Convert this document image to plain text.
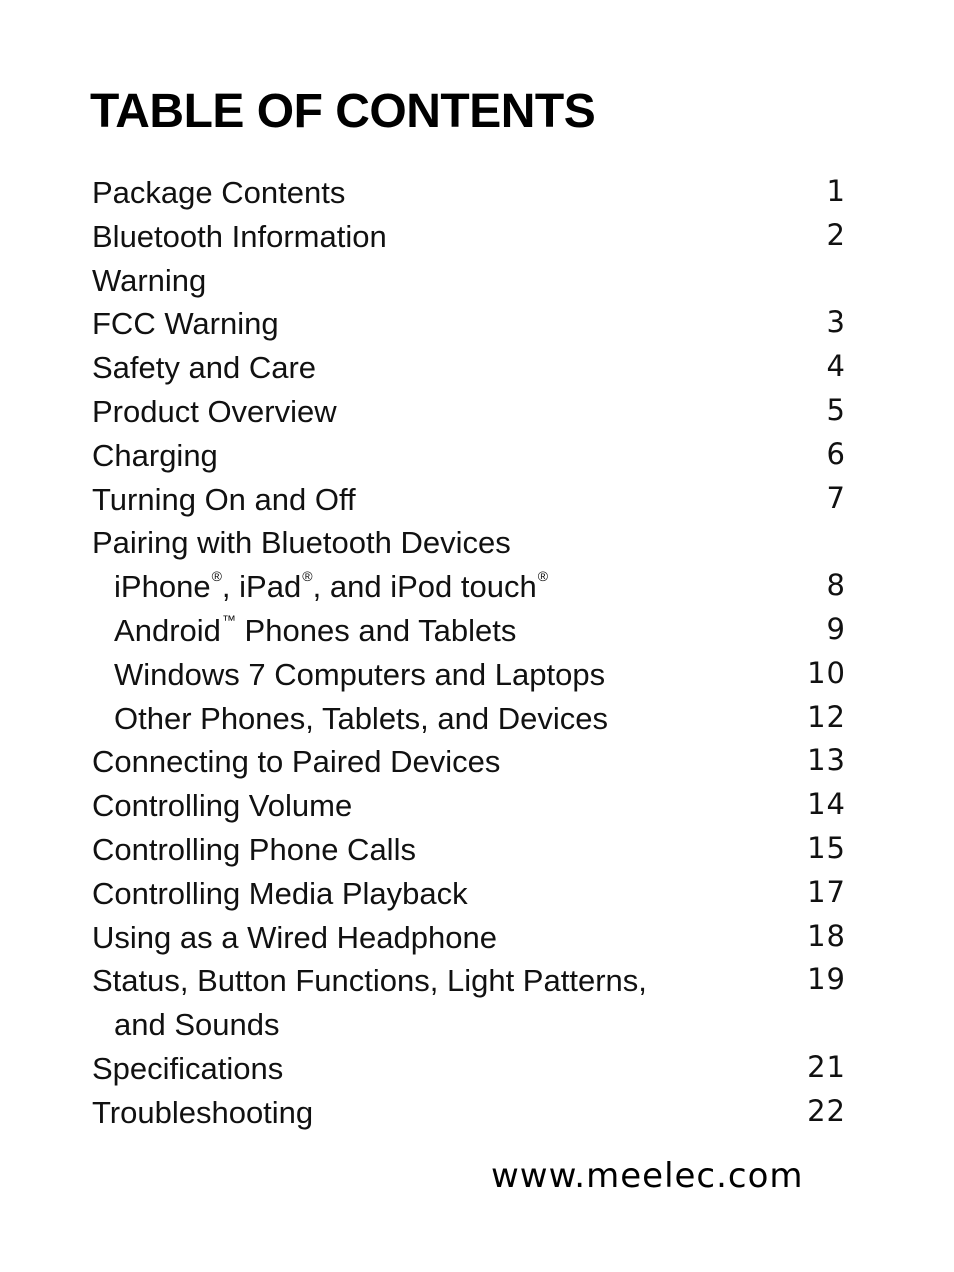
TABLE OF CONTENTS
Package Contents	1
Bluetooth Information	2
Warning
FCC Warning	3
Safety and Care	4
Product Overview	5
Charging	6
Turning On and Off	7
Pairing with Bluetooth Devices
iPhone®, iPad®, and iPod touch®	8
Android™ Phones and Tablets	9
Windows 7 Computers and Laptops	10
Other Phones, Tablets, and Devices	12
Connecting to Paired Devices	13
Controlling Volume	14
Controlling Phone Calls	15
Controlling Media Playback	17
Using as a Wired Headphone	18
Status, Button Functions, Light Patterns,	19
and Sounds
Specifications	21
Troubleshooting	22
www.meelec.com
